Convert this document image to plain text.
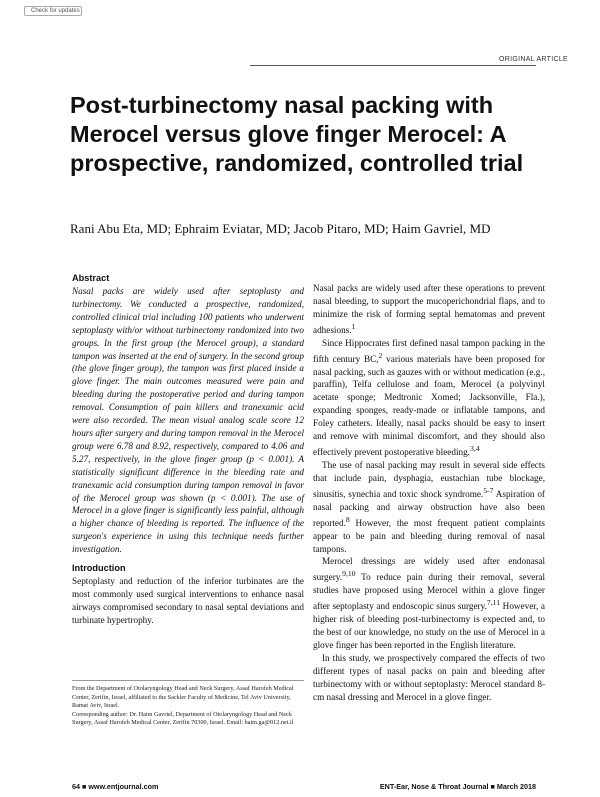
Check for updates
ORIGINAL ARTICLE
Post-turbinectomy nasal packing with Merocel versus glove finger Merocel: A prospective, randomized, controlled trial
Rani Abu Eta, MD; Ephraim Eviatar, MD; Jacob Pitaro, MD; Haim Gavriel, MD
Abstract

Nasal packs are widely used after septoplasty and turbinectomy. We conducted a prospective, randomized, controlled clinical trial including 100 patients who underwent septoplasty with/or without turbinectomy randomized into two groups. In the first group (the Merocel group), a standard tampon was inserted at the end of surgery. In the second group (the glove finger group), the tampon was first placed inside a glove finger. The main outcomes measured were pain and bleeding during the postoperative period and during tampon removal. Consumption of pain killers and tranexamic acid were also recorded. The mean visual analog scale score 12 hours after surgery and during tampon removal in the Merocel group were 6.78 and 8.92, respectively, compared to 4.06 and 5.27, respectively, in the glove finger group (p < 0.001). A statistically significant difference in the bleeding rate and tranexamic acid consumption during tampon removal in favor of the Merocel group was shown (p < 0.001). The use of Merocel in a glove finger is significantly less painful, although a higher chance of bleeding is reported. The influence of the surgeon's experience in using this technique needs further investigation.

Introduction

Septoplasty and reduction of the inferior turbinates are the most commonly used surgical interventions to enhance nasal airways compromised secondary to nasal septal deviations and turbinate hypertrophy.

Nasal packs are widely used after these operations to prevent nasal bleeding, to support the mucoperichondrial flaps, and to minimize the risk of forming septal hematomas and prevent adhesions.$^1$

Since Hippocrates first defined nasal tampon packing in the fifth century BC,$^2$ various materials have been proposed for nasal packing, such as gauzes with or without medication (e.g., paraffin), Telfa cellulose and foam, Merocel (a polyvinyl acetate sponge; Medtronic Xomed; Jacksonville, Fla.), expanding sponges, ready-made or inflatable tampons, and Foley catheters. Ideally, nasal packs should be easy to insert and remove with minimal discomfort, and they should also effectively prevent postoperative bleeding.$^{3,4}$

The use of nasal packing may result in several side effects that include pain, dysphagia, eustachian tube blockage, sinusitis, synechia and toxic shock syndrome.$^{5-7}$ Aspiration of nasal packing and airway obstruction have also been reported.$^8$ However, the most frequent patient complaints appear to be pain and bleeding during removal of nasal tampons.

Merocel dressings are widely used after endonasal surgery.$^{9,10}$ To reduce pain during their removal, several studies have proposed using Merocel within a glove finger after septoplasty and endoscopic sinus surgery.$^{7,11}$ However, a higher risk of bleeding post-turbinectomy is expected and, to the best of our knowledge, no study on the use of Merocel in a glove finger has been reported in the English literature.

In this study, we prospectively compared the effects of two different types of nasal packs on pain and bleeding after turbinectomy with or without septoplasty: Merocel standard 8-cm nasal dressing and Merocel in a glove finger.

From the Department of Otolaryngology Head and Neck Surgery, Assaf Harofeh Medical Center, Zerifin, Israel, affiliated to the Sackler Faculty of Medicine, Tel Aviv University, Ramat Aviv, Israel.
Corresponding author: Dr. Haim Gavriel, Department of Otolaryngology Head and Neck Surgery, Assaf Harofeh Medical Center, Zerifin 70300, Israel. Email: haim.ga@012.net.il
64 ■ www.entjournal.com	ENT-Ear, Nose & Throat Journal ■ March 2018
